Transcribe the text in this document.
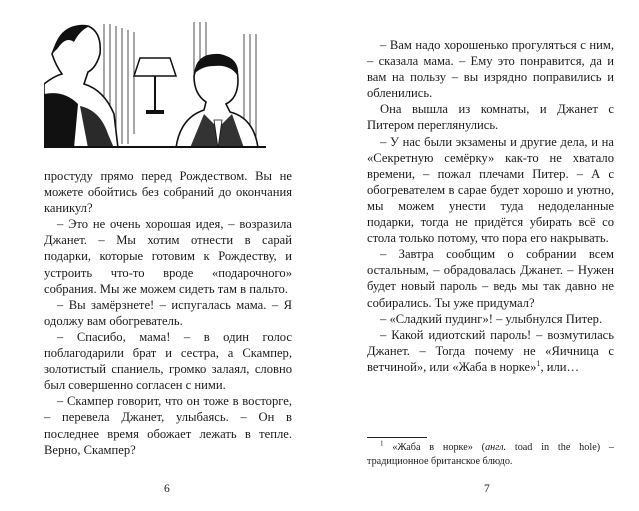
простуду прямо перед Рождеством. Вы не можете обойтись без собраний до окончания каникул?

– Это не очень хорошая идея, – возразила Джанет. – Мы хотим отнести в сарай подарки, которые готовим к Рождеству, и устроить что-то вроде «подарочного» собрания. Мы же можем сидеть там в пальто.

– Вы замёрзнете! – испугалась мама. – Я одолжу вам обогреватель.

– Спасибо, мама! – в один голос поблагодарили брат и сестра, а Скампер, золотистый спаниель, громко залаял, словно был совершенно согласен с ними.

– Скампер говорит, что он тоже в восторге, – перевела Джанет, улыбаясь. – Он в последнее время обожает лежать в тепле. Верно, Скампер?

6

– Вам надо хорошенько прогуляться с ним, – сказала мама. – Ему это понравится, да и вам на пользу – вы изрядно поправились и обленились.

Она вышла из комнаты, и Джанет с Питером переглянулись.

– У нас были экзамены и другие дела, и на «Секретную семёрку» как-то не хватало времени, – пожал плечами Питер. – А с обогревателем в сарае будет хорошо и уютно, мы можем унести туда недоделанные подарки, тогда не придётся убирать всё со стола только потому, что пора его накрывать.

– Завтра сообщим о собрании всем остальным, – обрадовалась Джанет. – Нужен будет новый пароль – ведь мы так давно не собирались. Ты уже придумал?

– «Сладкий пудинг»! – улыбнулся Питер.

– Какой идиотский пароль! – возмутилась Джанет. – Тогда почему не «Яичница с ветчиной», или «Жаба в норке»$^1$, или…

$^1$ «Жаба в норке» (англ. toad in the hole) – традиционное британское блюдо.
7
